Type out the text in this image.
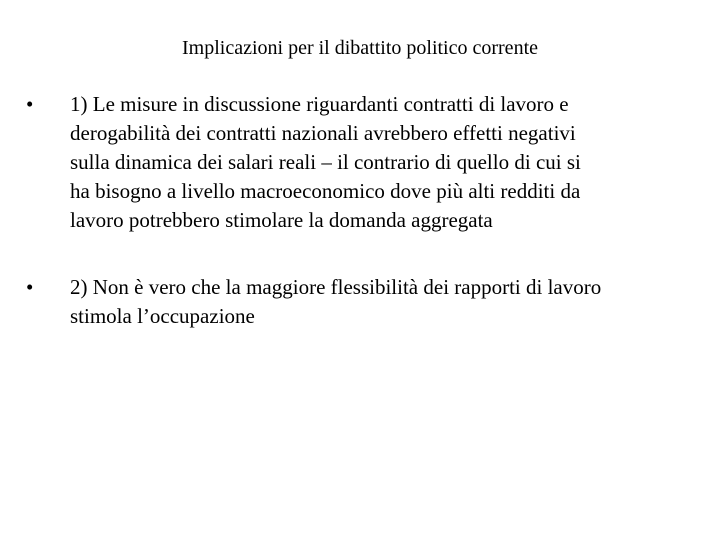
Implicazioni per il dibattito politico corrente
•	1) Le misure in discussione riguardanti contratti di lavoro e
derogabilità dei contratti nazionali avrebbero effetti negativi
sulla dinamica dei salari reali – il contrario di quello di cui si
ha bisogno a livello macroeconomico dove più alti redditi da
lavoro potrebbero stimolare la domanda aggregata
•	2) Non è vero che la maggiore flessibilità dei rapporti di lavoro
stimola l’occupazione
